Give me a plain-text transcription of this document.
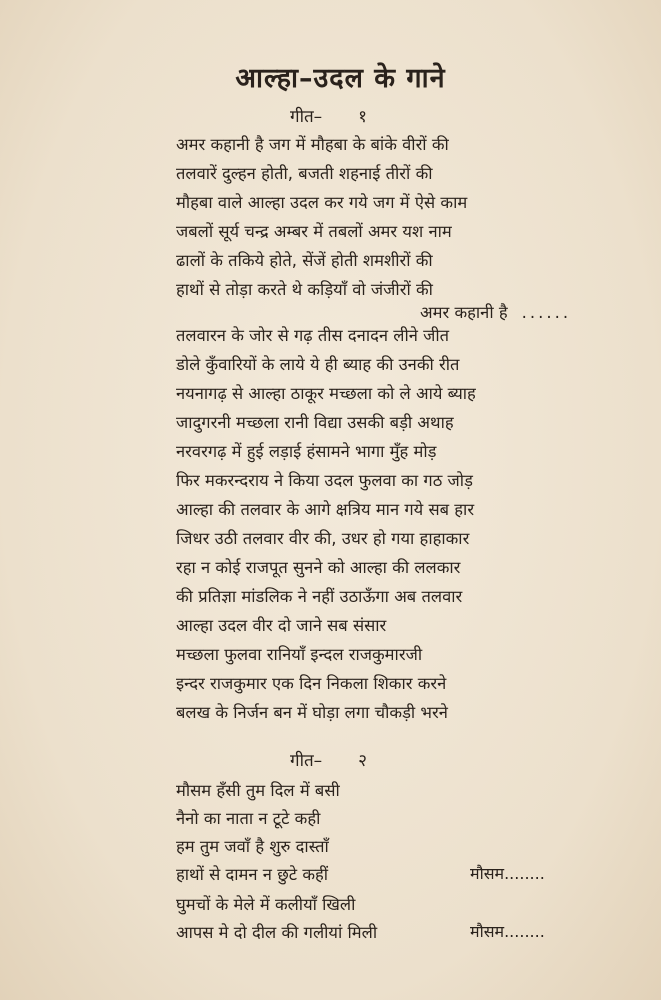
आल्हा–उदल के गाने
गीत– १
अमर कहानी है जग में मौहबा के बांके वीरों की
तलवारें दुल्हन होती, बजती शहनाई तीरों की
मौहबा वाले आल्हा उदल कर गये जग में ऐसे काम
जबलों सूर्य चन्द्र अम्बर में तबलों अमर यश नाम
ढालों के तकिये होते, सेंजें होती शमशीरों की
हाथों से तोड़ा करते थे कड़ियाँ वो जंजीरों की
अमर कहानी है ......
तलवारन के जोर से गढ़ तीस दनादन लीने जीत
डोले कुँवारियों के लाये ये ही ब्याह की उनकी रीत
नयनागढ़ से आल्हा ठाकूर मच्छला को ले आये ब्याह
जादुगरनी मच्छला रानी विद्या उसकी बड़ी अथाह
नरवरगढ़ में हुई लड़ाई हंसामने भागा मुँह मोड़
फिर मकरन्दराय ने किया उदल फुलवा का गठ जोड़
आल्हा की तलवार के आगे क्षत्रिय मान गये सब हार
जिधर उठी तलवार वीर की, उधर हो गया हाहाकार
रहा न कोई राजपूत सुनने को आल्हा की ललकार
की प्रतिज्ञा मांडलिक ने नहीं उठाऊँगा अब तलवार
आल्हा उदल वीर दो जाने सब संसार
मच्छला फुलवा रानियाँ इन्दल राजकुमारजी
इन्दर राजकुमार एक दिन निकला शिकार करने
बलख के निर्जन बन में घोड़ा लगा चौकड़ी भरने
गीत– २
मौसम हँसी तुम दिल में बसी
नैनो का नाता न टूटे कही
हम तुम जवाँ है शुरु दास्ताँ
हाथों से दामन न छुटे कहीं
घुमचों के मेले में कलीयाँ खिली
आपस मे दो दील की गलीयां मिली
मौसम........
मौसम........
